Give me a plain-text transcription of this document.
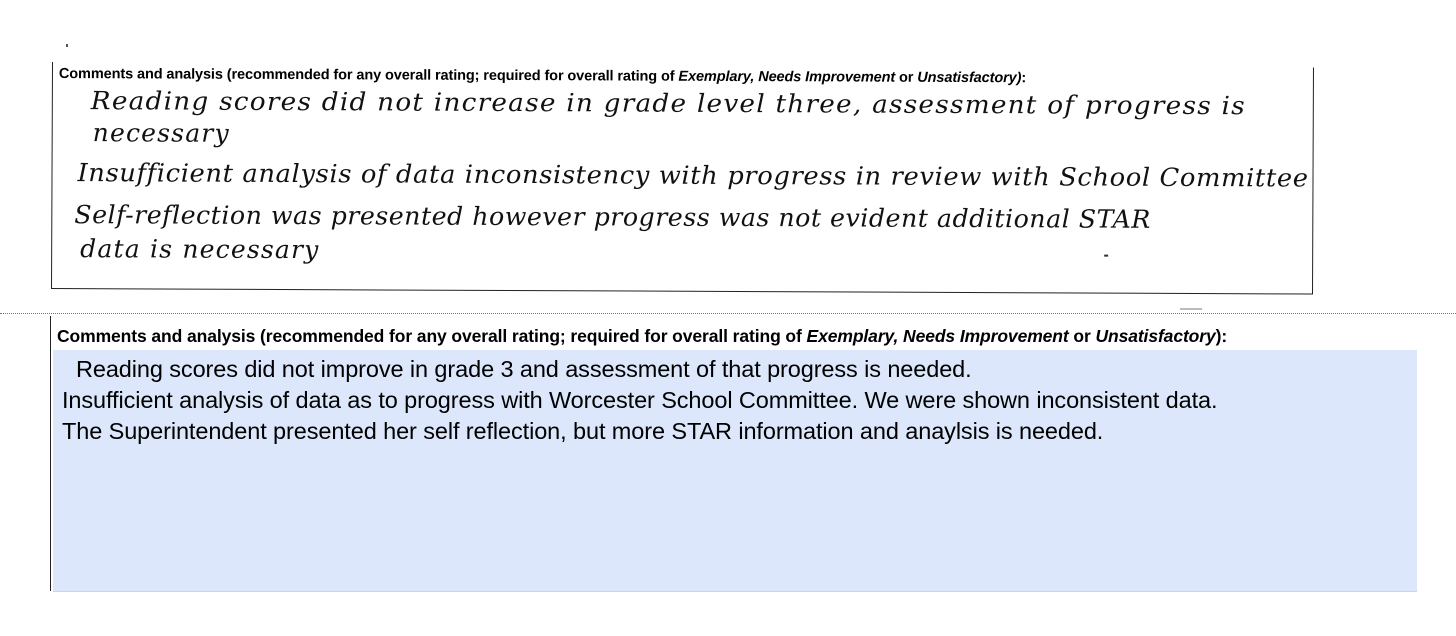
Comments and analysis (recommended for any overall rating; required for overall rating of Exemplary, Needs Improvement or Unsatisfactory):
Reading scores did not increase in grade level three, assessment of progress is
necessary
Insufficient analysis of data inconsistency with progress in review with School Committee
Self-reflection was presented however progress was not evident additional STAR
data is necessary
Comments and analysis (recommended for any overall rating; required for overall rating of Exemplary, Needs Improvement or Unsatisfactory):
Reading scores did not improve in grade 3 and assessment of that progress is needed.
Insufficient analysis of data as to progress with Worcester School Committee. We were shown inconsistent data.
The Superintendent presented her self reflection, but more STAR information and anaylsis is needed.
